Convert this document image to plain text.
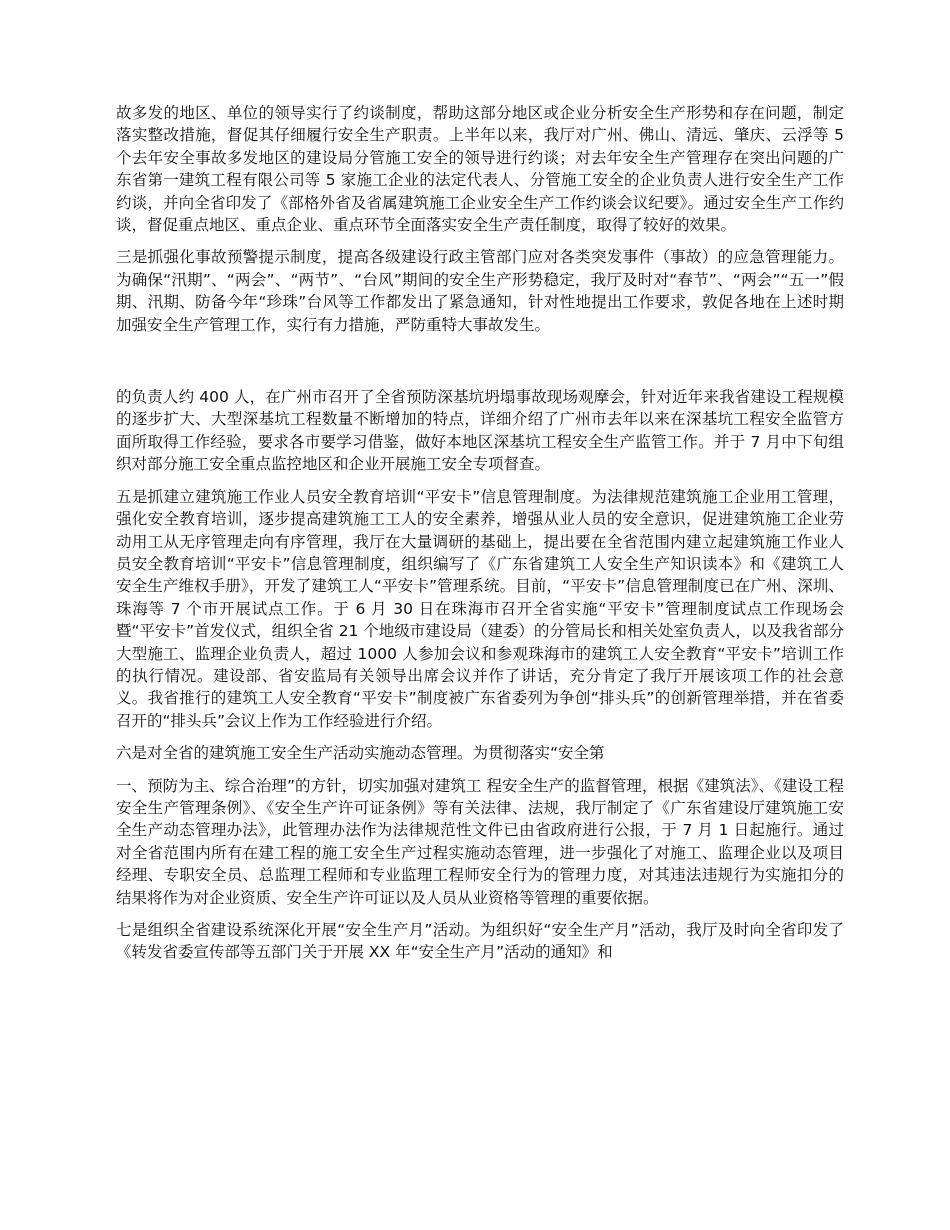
故多发的地区、单位的领导实行了约谈制度，帮助这部分地区或企业分析安全生产形势和存在问题，制定落实整改措施，督促其仔细履行安全生产职责。上半年以来，我厅对广州、佛山、清远、肇庆、云浮等 5 个去年安全事故多发地区的建设局分管施工安全的领导进行约谈；对去年安全生产管理存在突出问题的广东省第一建筑工程有限公司等 5 家施工企业的法定代表人、分管施工安全的企业负责人进行安全生产工作约谈，并向全省印发了《部格外省及省属建筑施工企业安全生产工作约谈会议纪要》。通过安全生产工作约谈，督促重点地区、重点企业、重点环节全面落实安全生产责任制度，取得了较好的效果。

三是抓强化事故预警提示制度，提高各级建设行政主管部门应对各类突发事件（事故）的应急管理能力。为确保“汛期”、“两会”、“两节”、“台风”期间的安全生产形势稳定，我厅及时对“春节”、“两会”“五一”假期、汛期、防备今年“珍珠”台风等工作都发出了紧急通知，针对性地提出工作要求，敦促各地在上述时期加强安全生产管理工作，实行有力措施，严防重特大事故发生。

的负责人约 400 人，在广州市召开了全省预防深基坑坍塌事故现场观摩会，针对近年来我省建设工程规模的逐步扩大、大型深基坑工程数量不断增加的特点，详细介绍了广州市去年以来在深基坑工程安全监管方面所取得工作经验，要求各市要学习借鉴，做好本地区深基坑工程安全生产监管工作。并于 7 月中下旬组织对部分施工安全重点监控地区和企业开展施工安全专项督查。

五是抓建立建筑施工作业人员安全教育培训“平安卡”信息管理制度。为法律规范建筑施工企业用工管理，强化安全教育培训，逐步提高建筑施工工人的安全素养，增强从业人员的安全意识，促进建筑施工企业劳动用工从无序管理走向有序管理，我厅在大量调研的基础上，提出要在全省范围内建立起建筑施工作业人员安全教育培训“平安卡”信息管理制度，组织编写了《广东省建筑工人安全生产知识读本》和《建筑工人安全生产维权手册》，开发了建筑工人“平安卡”管理系统。目前，“平安卡”信息管理制度已在广州、深圳、珠海等 7 个市开展试点工作。于 6 月 30 日在珠海市召开全省实施“平安卡”管理制度试点工作现场会暨“平安卡”首发仪式，组织全省 21 个地级市建设局（建委）的分管局长和相关处室负责人，以及我省部分大型施工、监理企业负责人，超过 1000 人参加会议和参观珠海市的建筑工人安全教育“平安卡”培训工作的执行情况。建设部、省安监局有关领导出席会议并作了讲话，充分肯定了我厅开展该项工作的社会意义。我省推行的建筑工人安全教育“平安卡”制度被广东省委列为争创“排头兵”的创新管理举措，并在省委召开的“排头兵”会议上作为工作经验进行介绍。

六是对全省的建筑施工安全生产活动实施动态管理。为贯彻落实“安全第

一、预防为主、综合治理”的方针，切实加强对建筑工 程安全生产的监督管理，根据《建筑法》、《建设工程安全生产管理条例》、《安全生产许可证条例》等有关法律、法规，我厅制定了《广东省建设厅建筑施工安全生产动态管理办法》，此管理办法作为法律规范性文件已由省政府进行公报，于 7 月 1 日起施行。通过对全省范围内所有在建工程的施工安全生产过程实施动态管理，进一步强化了对施工、监理企业以及项目经理、专职安全员、总监理工程师和专业监理工程师安全行为的管理力度，对其违法违规行为实施扣分的结果将作为对企业资质、安全生产许可证以及人员从业资格等管理的重要依据。

七是组织全省建设系统深化开展“安全生产月”活动。为组织好“安全生产月”活动，我厅及时向全省印发了《转发省委宣传部等五部门关于开展 XX 年“安全生产月”活动的通知》和
